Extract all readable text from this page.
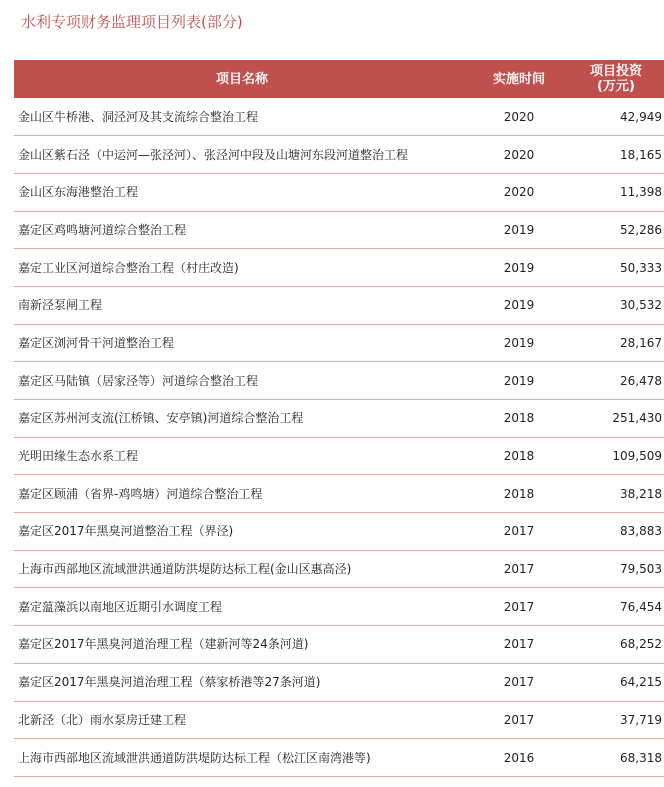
水利专项财务监理项目列表(部分)
项目名称	实施时间	项目投资
(万元)
金山区牛桥港、洞泾河及其支流综合整治工程	2020	42,949
金山区紫石泾（中运河—张泾河）、张泾河中段及山塘河东段河道整治工程	2020	18,165
金山区东海港整治工程	2020	11,398
嘉定区鸡鸣塘河道综合整治工程	2019	52,286
嘉定工业区河道综合整治工程（村庄改造)	2019	50,333
南新泾泵闸工程	2019	30,532
嘉定区浏河骨干河道整治工程	2019	28,167
嘉定区马陆镇（居家泾等）河道综合整治工程	2019	26,478
嘉定区苏州河支流(江桥镇、安亭镇)河道综合整治工程	2018	251,430
光明田缘生态水系工程	2018	109,509
嘉定区顾浦（省界-鸡鸣塘）河道综合整治工程	2018	38,218
嘉定区2017年黑臭河道整治工程（界泾)	2017	83,883
上海市西部地区流域泄洪通道防洪堤防达标工程(金山区惠高泾)	2017	79,503
嘉定蕰藻浜以南地区近期引水调度工程	2017	76,454
嘉定区2017年黑臭河道治理工程（建新河等24条河道)	2017	68,252
嘉定区2017年黑臭河道治理工程（蔡家桥港等27条河道)	2017	64,215
北新泾（北）雨水泵房迁建工程	2017	37,719
上海市西部地区流域泄洪通道防洪堤防达标工程（松江区南湾港等)	2016	68,318
